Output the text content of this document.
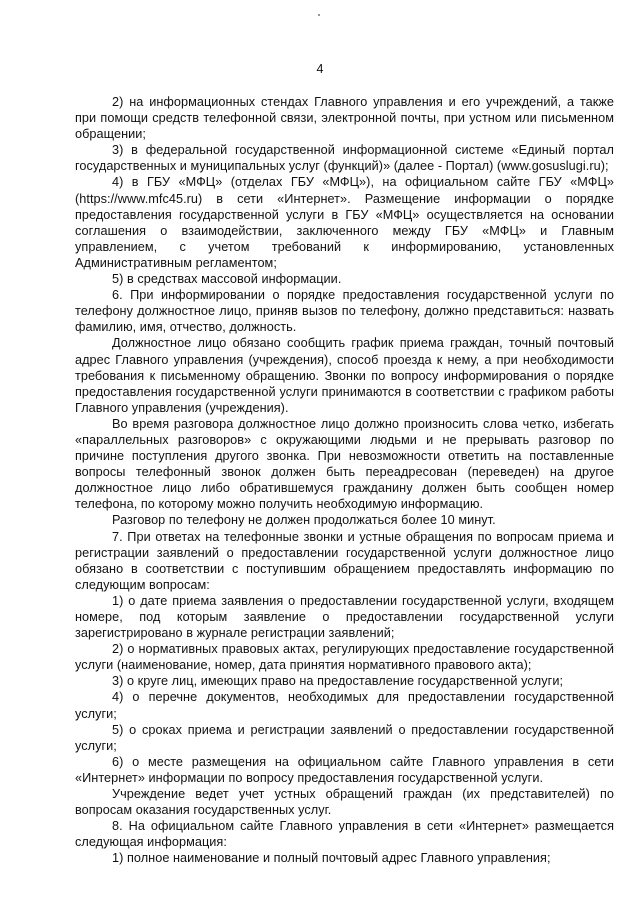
4

2) на информационных стендах Главного управления и его учреждений, а также при помощи средств телефонной связи, электронной почты, при устном или письменном обращении;

3) в федеральной государственной информационной системе «Единый портал государственных и муниципальных услуг (функций)» (далее - Портал) (www.gosuslugi.ru);

4) в ГБУ «МФЦ» (отделах ГБУ «МФЦ»), на официальном сайте ГБУ «МФЦ» (https://www.mfc45.ru) в сети «Интернет». Размещение информации о порядке предоставления государственной услуги в ГБУ «МФЦ» осуществляется на основании соглашения о взаимодействии, заключенного между ГБУ «МФЦ» и Главным управлением, с учетом требований к информированию, установленных Административным регламентом;

5) в средствах массовой информации.

6. При информировании о порядке предоставления государственной услуги по телефону должностное лицо, приняв вызов по телефону, должно представиться: назвать фамилию, имя, отчество, должность.

Должностное лицо обязано сообщить график приема граждан, точный почтовый адрес Главного управления (учреждения), способ проезда к нему, а при необходимости требования к письменному обращению. Звонки по вопросу информирования о порядке предоставления государственной услуги принимаются в соответствии с графиком работы Главного управления (учреждения).

Во время разговора должностное лицо должно произносить слова четко, избегать «параллельных разговоров» с окружающими людьми и не прерывать разговор по причине поступления другого звонка. При невозможности ответить на поставленные вопросы телефонный звонок должен быть переадресован (переведен) на другое должностное лицо либо обратившемуся гражданину должен быть сообщен номер телефона, по которому можно получить необходимую информацию.

Разговор по телефону не должен продолжаться более 10 минут.

7. При ответах на телефонные звонки и устные обращения по вопросам приема и регистрации заявлений о предоставлении государственной услуги должностное лицо обязано в соответствии с поступившим обращением предоставлять информацию по следующим вопросам:

1) о дате приема заявления о предоставлении государственной услуги, входящем номере, под которым заявление о предоставлении государственной услуги зарегистрировано в журнале регистрации заявлений;

2) о нормативных правовых актах, регулирующих предоставление государственной услуги (наименование, номер, дата принятия нормативного правового акта);

3) о круге лиц, имеющих право на предоставление государственной услуги;

4) о перечне документов, необходимых для предоставлении государственной услуги;

5) о сроках приема и регистрации заявлений о предоставлении государственной услуги;

6) о месте размещения на официальном сайте Главного управления в сети «Интернет» информации по вопросу предоставления государственной услуги.

Учреждение ведет учет устных обращений граждан (их представителей) по вопросам оказания государственных услуг.

8. На официальном сайте Главного управления в сети «Интернет» размещается следующая информация:

1) полное наименование и полный почтовый адрес Главного управления;
